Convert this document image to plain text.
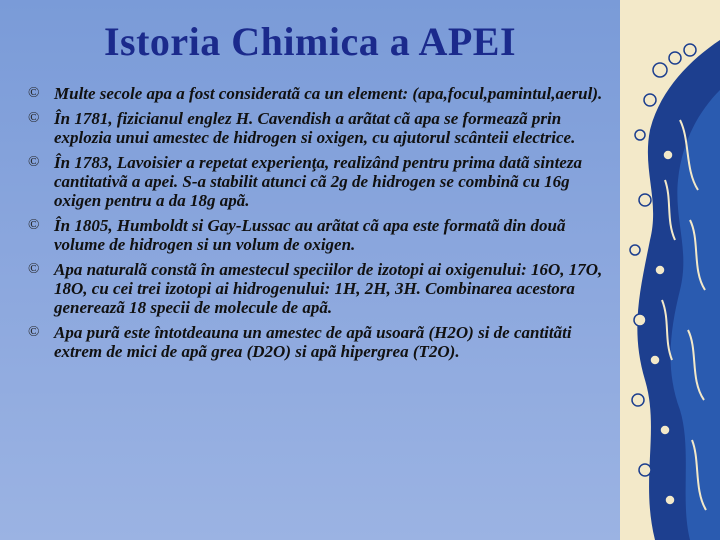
Istoria Chimica a APEI
© Multe secole apa a fost consideratã ca un element: (apa,focul,pamintul,aerul).
© În 1781, fizicianul englez H. Cavendish a arãtat cã apa se formeazã prin explozia unui amestec de hidrogen si oxigen, cu ajutorul scânteii electrice.
© În 1783, Lavoisier a repetat experienţa, realizând pentru prima datã sinteza cantitativã a apei. S-a stabilit atunci cã 2g de hidrogen se combinã cu 16g oxigen pentru a da 18g apã.
© În 1805, Humboldt si Gay-Lussac au arãtat cã apa este formatã din douã volume de hidrogen si un volum de oxigen.
© Apa naturalã constã în amestecul speciilor de izotopi ai oxigenului: 16O, 17O, 18O, cu cei trei izotopi ai hidrogenului: 1H, 2H, 3H. Combinarea acestora genereazã 18 specii de molecule de apã.
© Apa purã este întotdeauna un amestec de apã usoarã (H2O) si de cantitãti extrem de mici de apã grea (D2O) si apã hipergrea (T2O).
